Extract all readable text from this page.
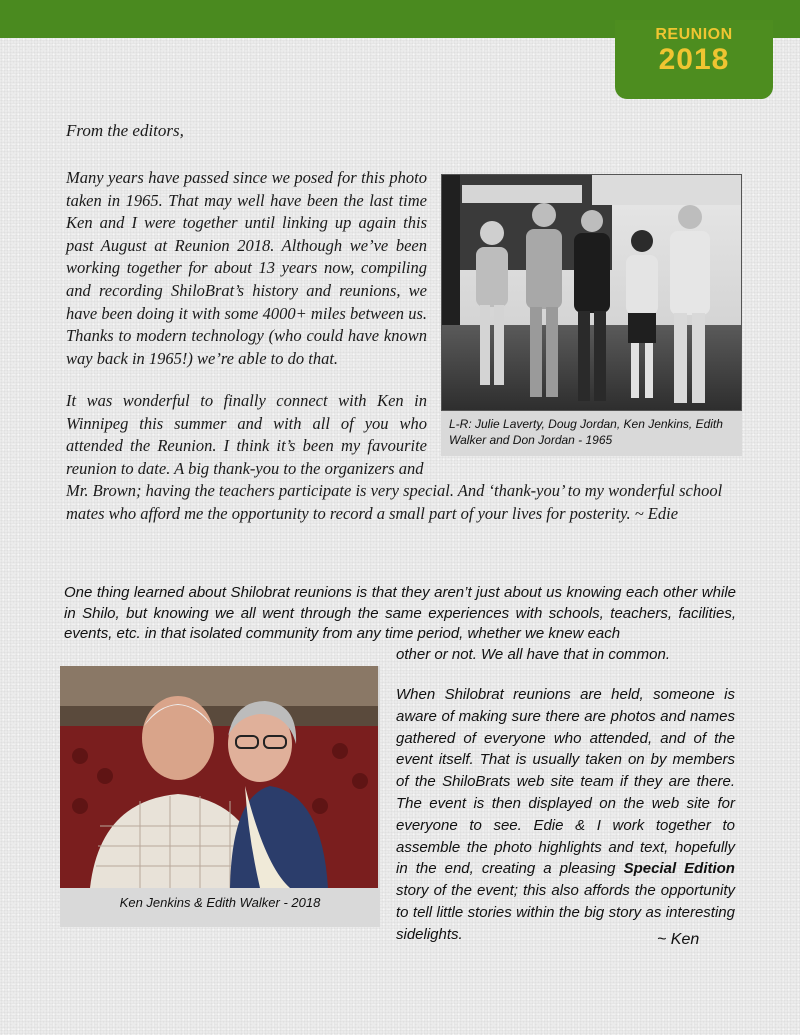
REUNION
2018
From the editors,

Many years have passed since we posed for this photo taken in 1965. That may well have been the last time Ken and I were together until linking up again this past August at Reunion 2018. Although we’ve been working together for about 13 years now, compiling and recording ShiloBrat’s history and reunions, we have been doing it with some 4000+ miles between us. Thanks to modern technology (who could have known way back in 1965!) we’re able to do that.

It was wonderful to finally connect with Ken in Winnipeg this summer and with all of you who attended the Reunion. I think it’s been my favourite reunion to date. A big thank-you to the organizers and

Mr. Brown; having the teachers participate is very special. And ‘thank-you’ to my wonderful school mates who afford me the opportunity to record a small part of your lives for posterity. ~ Edie

L-R: Julie Laverty, Doug Jordan, Ken Jenkins, Edith Walker and Don Jordan - 1965

One thing learned about Shilobrat reunions is that they aren’t just about us knowing each other while in Shilo, but knowing we all went through the same experiences with schools, teachers, facilities, events, etc. in that isolated community from any time period, whether we knew each

other or not. We all have that in common.

When Shilobrat reunions are held, someone is aware of making sure there are photos and names gathered of everyone who attended, and of the event itself. That is usually taken on by members of the ShiloBrats web site team if they are there. The event is then displayed on the web site for everyone to see. Edie & I work together to assemble the photo highlights and text, hopefully in the end, creating a pleasing Special Edition story of the event; this also affords the opportunity to tell little stories within the big story as interesting sidelights.	~ Ken
Ken Jenkins & Edith Walker - 2018
